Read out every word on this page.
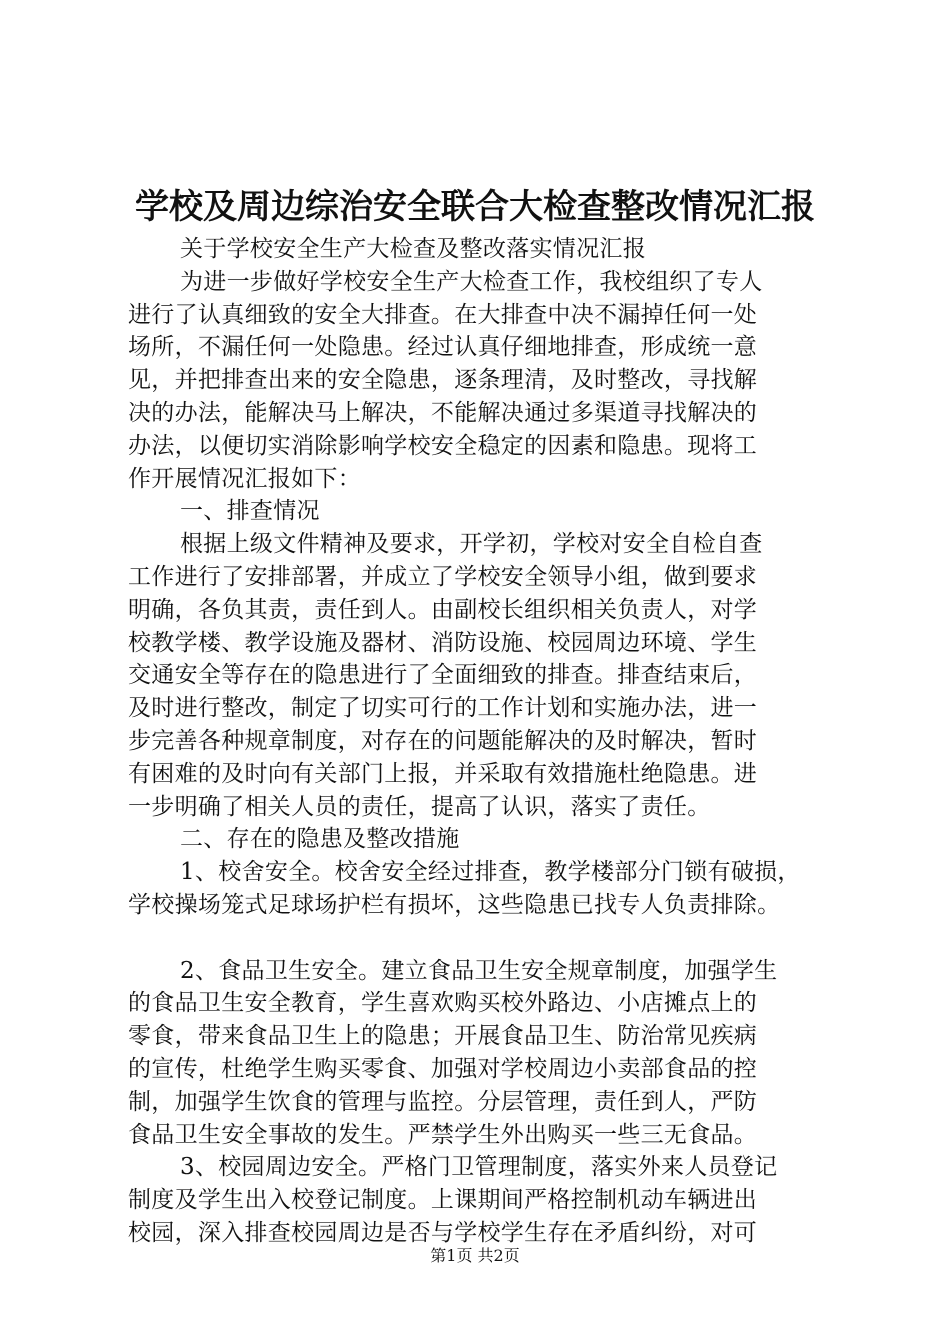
学校及周边综治安全联合大检查整改情况汇报
关于学校安全生产大检查及整改落实情况汇报
为进一步做好学校安全生产大检查工作，我校组织了专人
进行了认真细致的安全大排查。在大排查中决不漏掉任何一处
场所，不漏任何一处隐患。经过认真仔细地排查，形成统一意
见，并把排查出来的安全隐患，逐条理清，及时整改，寻找解
决的办法，能解决马上解决，不能解决通过多渠道寻找解决的
办法，以便切实消除影响学校安全稳定的因素和隐患。现将工
作开展情况汇报如下：
一、排查情况
根据上级文件精神及要求，开学初，学校对安全自检自查
工作进行了安排部署，并成立了学校安全领导小组，做到要求
明确，各负其责，责任到人。由副校长组织相关负责人，对学
校教学楼、教学设施及器材、消防设施、校园周边环境、学生
交通安全等存在的隐患进行了全面细致的排查。排查结束后，
及时进行整改，制定了切实可行的工作计划和实施办法，进一
步完善各种规章制度，对存在的问题能解决的及时解决，暂时
有困难的及时向有关部门上报，并采取有效措施杜绝隐患。进
一步明确了相关人员的责任，提高了认识，落实了责任。
二、存在的隐患及整改措施
1、校舍安全。校舍安全经过排查，教学楼部分门锁有破损，
学校操场笼式足球场护栏有损坏，这些隐患已找专人负责排除。
2、食品卫生安全。建立食品卫生安全规章制度，加强学生
的食品卫生安全教育，学生喜欢购买校外路边、小店摊点上的
零食，带来食品卫生上的隐患；开展食品卫生、防治常见疾病
的宣传，杜绝学生购买零食、加强对学校周边小卖部食品的控
制，加强学生饮食的管理与监控。分层管理，责任到人，严防
食品卫生安全事故的发生。严禁学生外出购买一些三无食品。
3、校园周边安全。严格门卫管理制度，落实外来人员登记
制度及学生出入校登记制度。上课期间严格控制机动车辆进出
校园，深入排查校园周边是否与学校学生存在矛盾纠纷，对可
第1页 共2页
